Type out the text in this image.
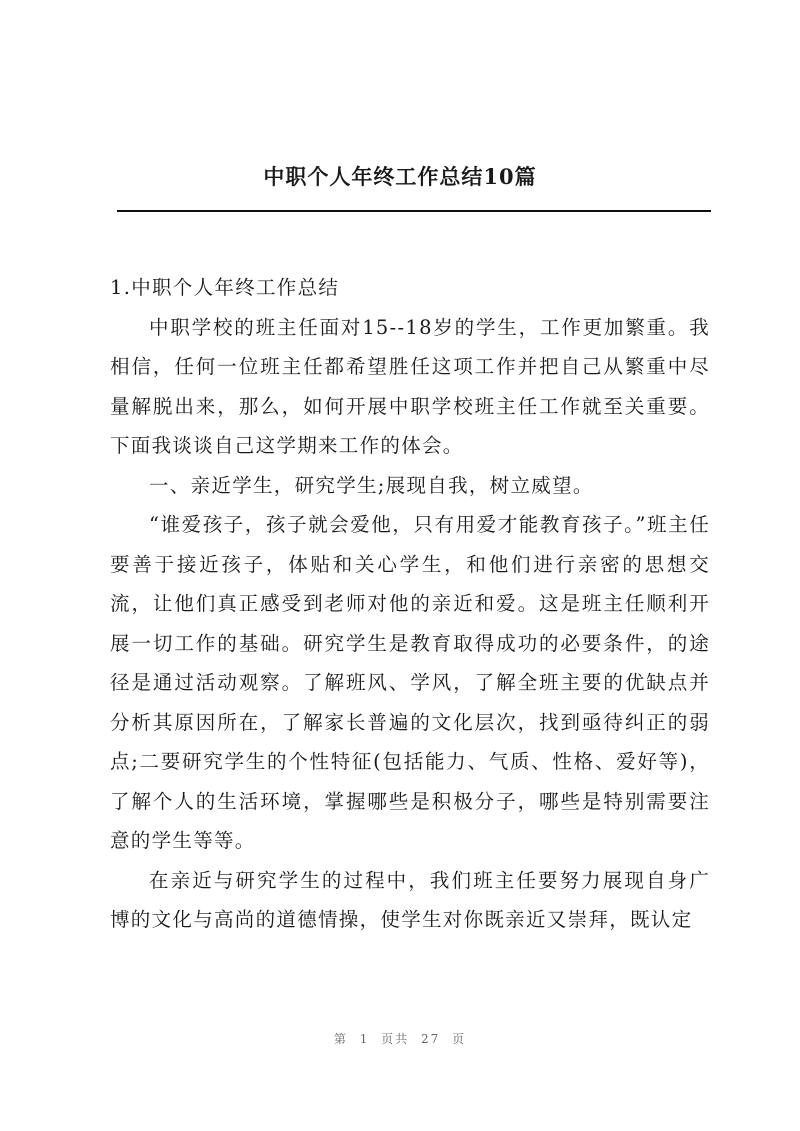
中职个人年终工作总结10篇

1.中职个人年终工作总结

中职学校的班主任面对15--18岁的学生，工作更加繁重。我相信，任何一位班主任都希望胜任这项工作并把自己从繁重中尽量解脱出来，那么，如何开展中职学校班主任工作就至关重要。下面我谈谈自己这学期来工作的体会。

一、亲近学生，研究学生;展现自我，树立威望。

“谁爱孩子，孩子就会爱他，只有用爱才能教育孩子。”班主任要善于接近孩子，体贴和关心学生，和他们进行亲密的思想交流，让他们真正感受到老师对他的亲近和爱。这是班主任顺利开展一切工作的基础。研究学生是教育取得成功的必要条件，的途径是通过活动观察。了解班风、学风，了解全班主要的优缺点并分析其原因所在，了解家长普遍的文化层次，找到亟待纠正的弱点;二要研究学生的个性特征(包括能力、气质、性格、爱好等)，了解个人的生活环境，掌握哪些是积极分子，哪些是特别需要注意的学生等等。

在亲近与研究学生的过程中，我们班主任要努力展现自身广博的文化与高尚的道德情操，使学生对你既亲近又崇拜，既认定

第 1 页共 27 页
